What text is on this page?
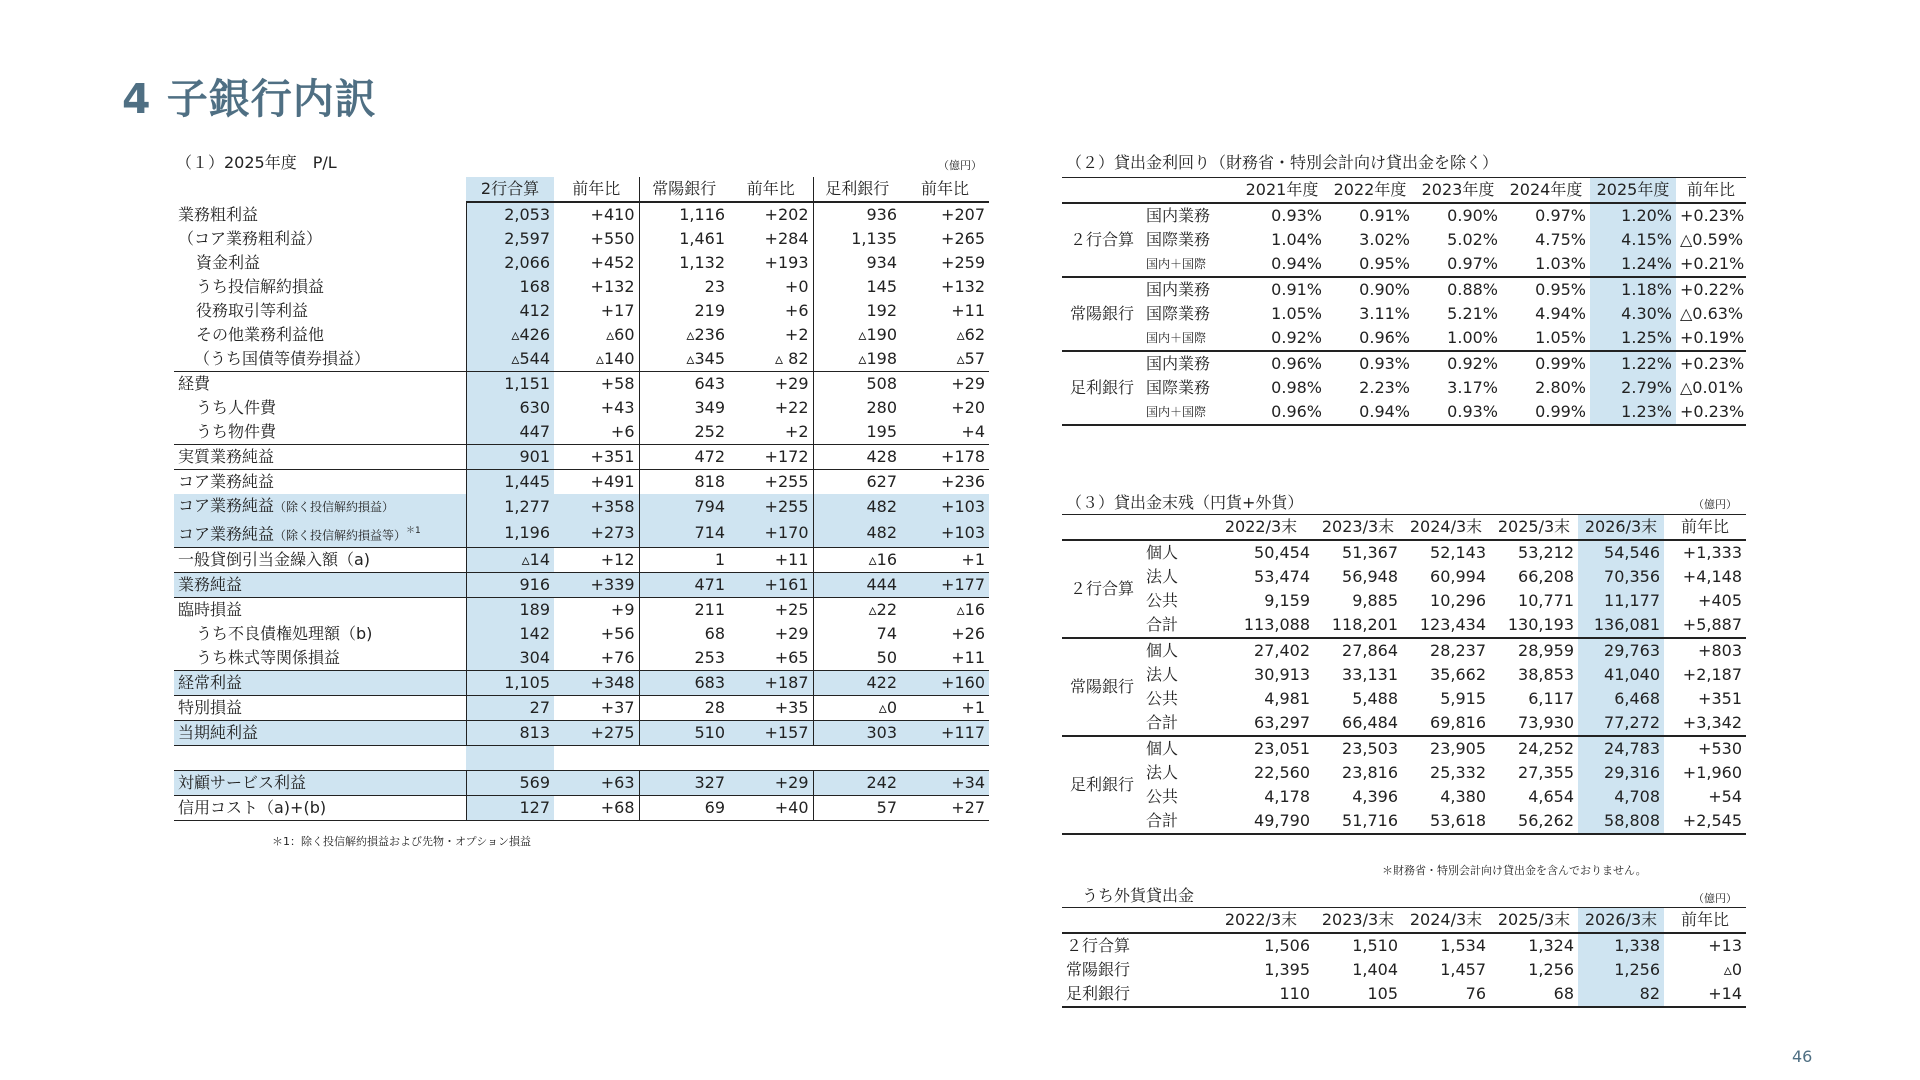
4 子銀行内訳
（１）2025年度　P/L	（億円）
	2行合算	前年比	常陽銀行	前年比	足利銀行	前年比
業務粗利益	2,053	+410	1,116	+202	936	+207
（コア業務粗利益）	2,597	+550	1,461	+284	1,135	+265
資金利益	2,066	+452	1,132	+193	934	+259
うち投信解約損益	168	+132	23	+0	145	+132
役務取引等利益	412	+17	219	+6	192	+11
その他業務利益他	▵426	▵60	▵236	+2	▵190	▵62
（うち国債等債券損益）	▵544	▵140	▵345	▵ 82	▵198	▵57
経費	1,151	+58	643	+29	508	+29
うち人件費	630	+43	349	+22	280	+20
うち物件費	447	+6	252	+2	195	+4
実質業務純益	901	+351	472	+172	428	+178
コア業務純益	1,445	+491	818	+255	627	+236
コア業務純益（除く投信解約損益）	1,277	+358	794	+255	482	+103
コア業務純益（除く投信解約損益等）$^{*1}$	1,196	+273	714	+170	482	+103
一般貸倒引当金繰入額（a)	▵14	+12	1	+11	▵16	+1
業務純益	916	+339	471	+161	444	+177
臨時損益	189	+9	211	+25	▵22	▵16
うち不良債権処理額（b)	142	+56	68	+29	74	+26
うち株式等関係損益	304	+76	253	+65	50	+11
経常利益	1,105	+348	683	+187	422	+160
特別損益	27	+37	28	+35	▵0	+1
当期純利益	813	+275	510	+157	303	+117

対顧サービス利益	569	+63	327	+29	242	+34
信用コスト（a)+(b)	127	+68	69	+40	57	+27
＊1：除く投信解約損益および先物・オプション損益
（２）貸出金利回り（財務省・特別会計向け貸出金を除く）
		2021年度	2022年度	2023年度	2024年度	2025年度	前年比
２行合算	国内業務	0.93%	0.91%	0.90%	0.97%	1.20%	+0.23%
	国際業務	1.04%	3.02%	5.02%	4.75%	4.15%	△0.59%
	国内＋国際	0.94%	0.95%	0.97%	1.03%	1.24%	+0.21%
常陽銀行	国内業務	0.91%	0.90%	0.88%	0.95%	1.18%	+0.22%
	国際業務	1.05%	3.11%	5.21%	4.94%	4.30%	△0.63%
	国内＋国際	0.92%	0.96%	1.00%	1.05%	1.25%	+0.19%
足利銀行	国内業務	0.96%	0.93%	0.92%	0.99%	1.22%	+0.23%
	国際業務	0.98%	2.23%	3.17%	2.80%	2.79%	△0.01%
	国内＋国際	0.96%	0.94%	0.93%	0.99%	1.23%	+0.23%
（３）貸出金末残（円貨+外貨）	（億円）
		2022/3末	2023/3末	2024/3末	2025/3末	2026/3末	前年比
２行合算	個人	50,454	51,367	52,143	53,212	54,546	+1,333
	法人	53,474	56,948	60,994	66,208	70,356	+4,148
	公共	9,159	9,885	10,296	10,771	11,177	+405
	合計	113,088	118,201	123,434	130,193	136,081	+5,887
常陽銀行	個人	27,402	27,864	28,237	28,959	29,763	+803
	法人	30,913	33,131	35,662	38,853	41,040	+2,187
	公共	4,981	5,488	5,915	6,117	6,468	+351
	合計	63,297	66,484	69,816	73,930	77,272	+3,342
足利銀行	個人	23,051	23,503	23,905	24,252	24,783	+530
	法人	22,560	23,816	25,332	27,355	29,316	+1,960
	公共	4,178	4,396	4,380	4,654	4,708	+54
	合計	49,790	51,716	53,618	56,262	58,808	+2,545
＊財務省・特別会計向け貸出金を含んでおりません。
うち外貨貸出金	（億円）
	2022/3末	2023/3末	2024/3末	2025/3末	2026/3末	前年比
２行合算	1,506	1,510	1,534	1,324	1,338	+13
常陽銀行	1,395	1,404	1,457	1,256	1,256	▵0
足利銀行	110	105	76	68	82	+14
46
